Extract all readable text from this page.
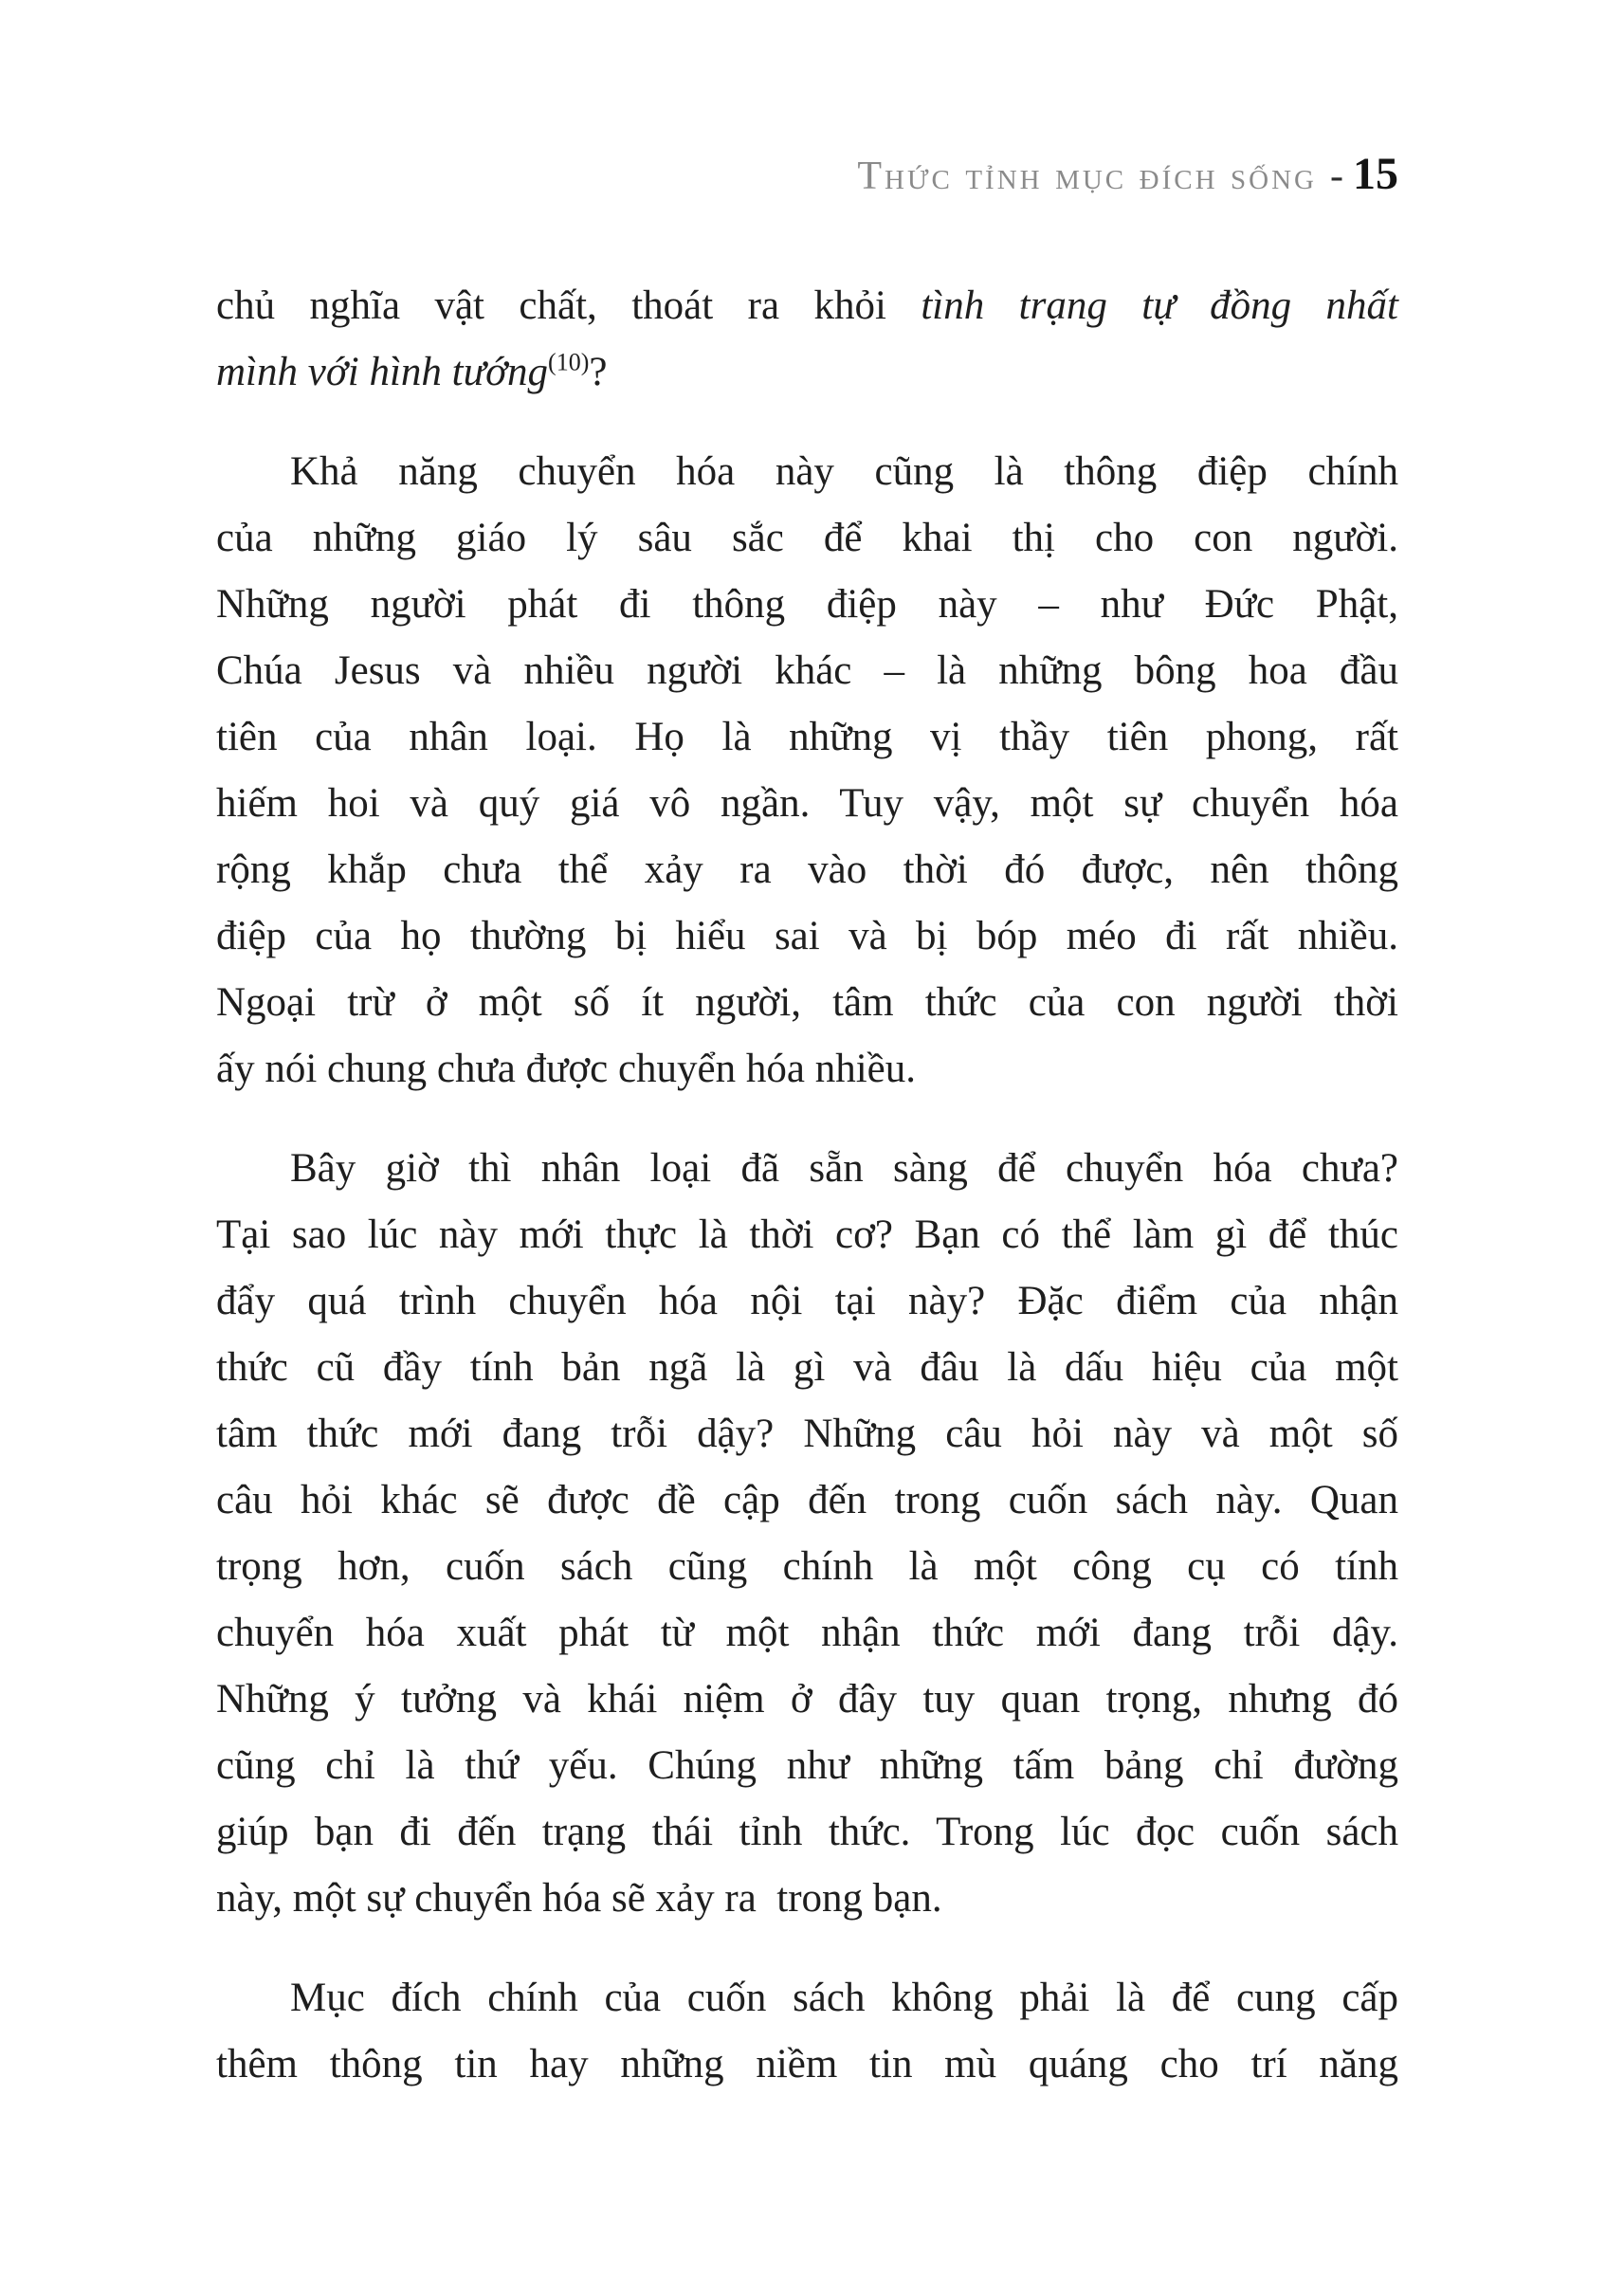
Thức tỉnh mục đích sống - 15
chủ nghĩa vật chất, thoát ra khỏi tình trạng tự đồng nhất
mình với hình tướng$^{(10)}$?
Khả năng chuyển hóa này cũng là thông điệp chính
của những giáo lý sâu sắc để khai thị cho con người.
Những người phát đi thông điệp này – như Đức Phật,
Chúa Jesus và nhiều người khác – là những bông hoa đầu
tiên của nhân loại. Họ là những vị thầy tiên phong, rất
hiếm hoi và quý giá vô ngần. Tuy vậy, một sự chuyển hóa
rộng khắp chưa thể xảy ra vào thời đó được, nên thông
điệp của họ thường bị hiểu sai và bị bóp méo đi rất nhiều.
Ngoại trừ ở một số ít người, tâm thức của con người thời
ấy nói chung chưa được chuyển hóa nhiều.
Bây giờ thì nhân loại đã sẵn sàng để chuyển hóa chưa?
Tại sao lúc này mới thực là thời cơ? Bạn có thể làm gì để thúc
đẩy quá trình chuyển hóa nội tại này? Đặc điểm của nhận
thức cũ đầy tính bản ngã là gì và đâu là dấu hiệu của một
tâm thức mới đang trỗi dậy? Những câu hỏi này và một số
câu hỏi khác sẽ được đề cập đến trong cuốn sách này. Quan
trọng hơn, cuốn sách cũng chính là một công cụ có tính
chuyển hóa xuất phát từ một nhận thức mới đang trỗi dậy.
Những ý tưởng và khái niệm ở đây tuy quan trọng, nhưng đó
cũng chỉ là thứ yếu. Chúng như những tấm bảng chỉ đường
giúp bạn đi đến trạng thái tỉnh thức. Trong lúc đọc cuốn sách
này, một sự chuyển hóa sẽ xảy ra  trong bạn.
Mục đích chính của cuốn sách không phải là để cung cấp
thêm thông tin hay những niềm tin mù quáng cho trí năng
